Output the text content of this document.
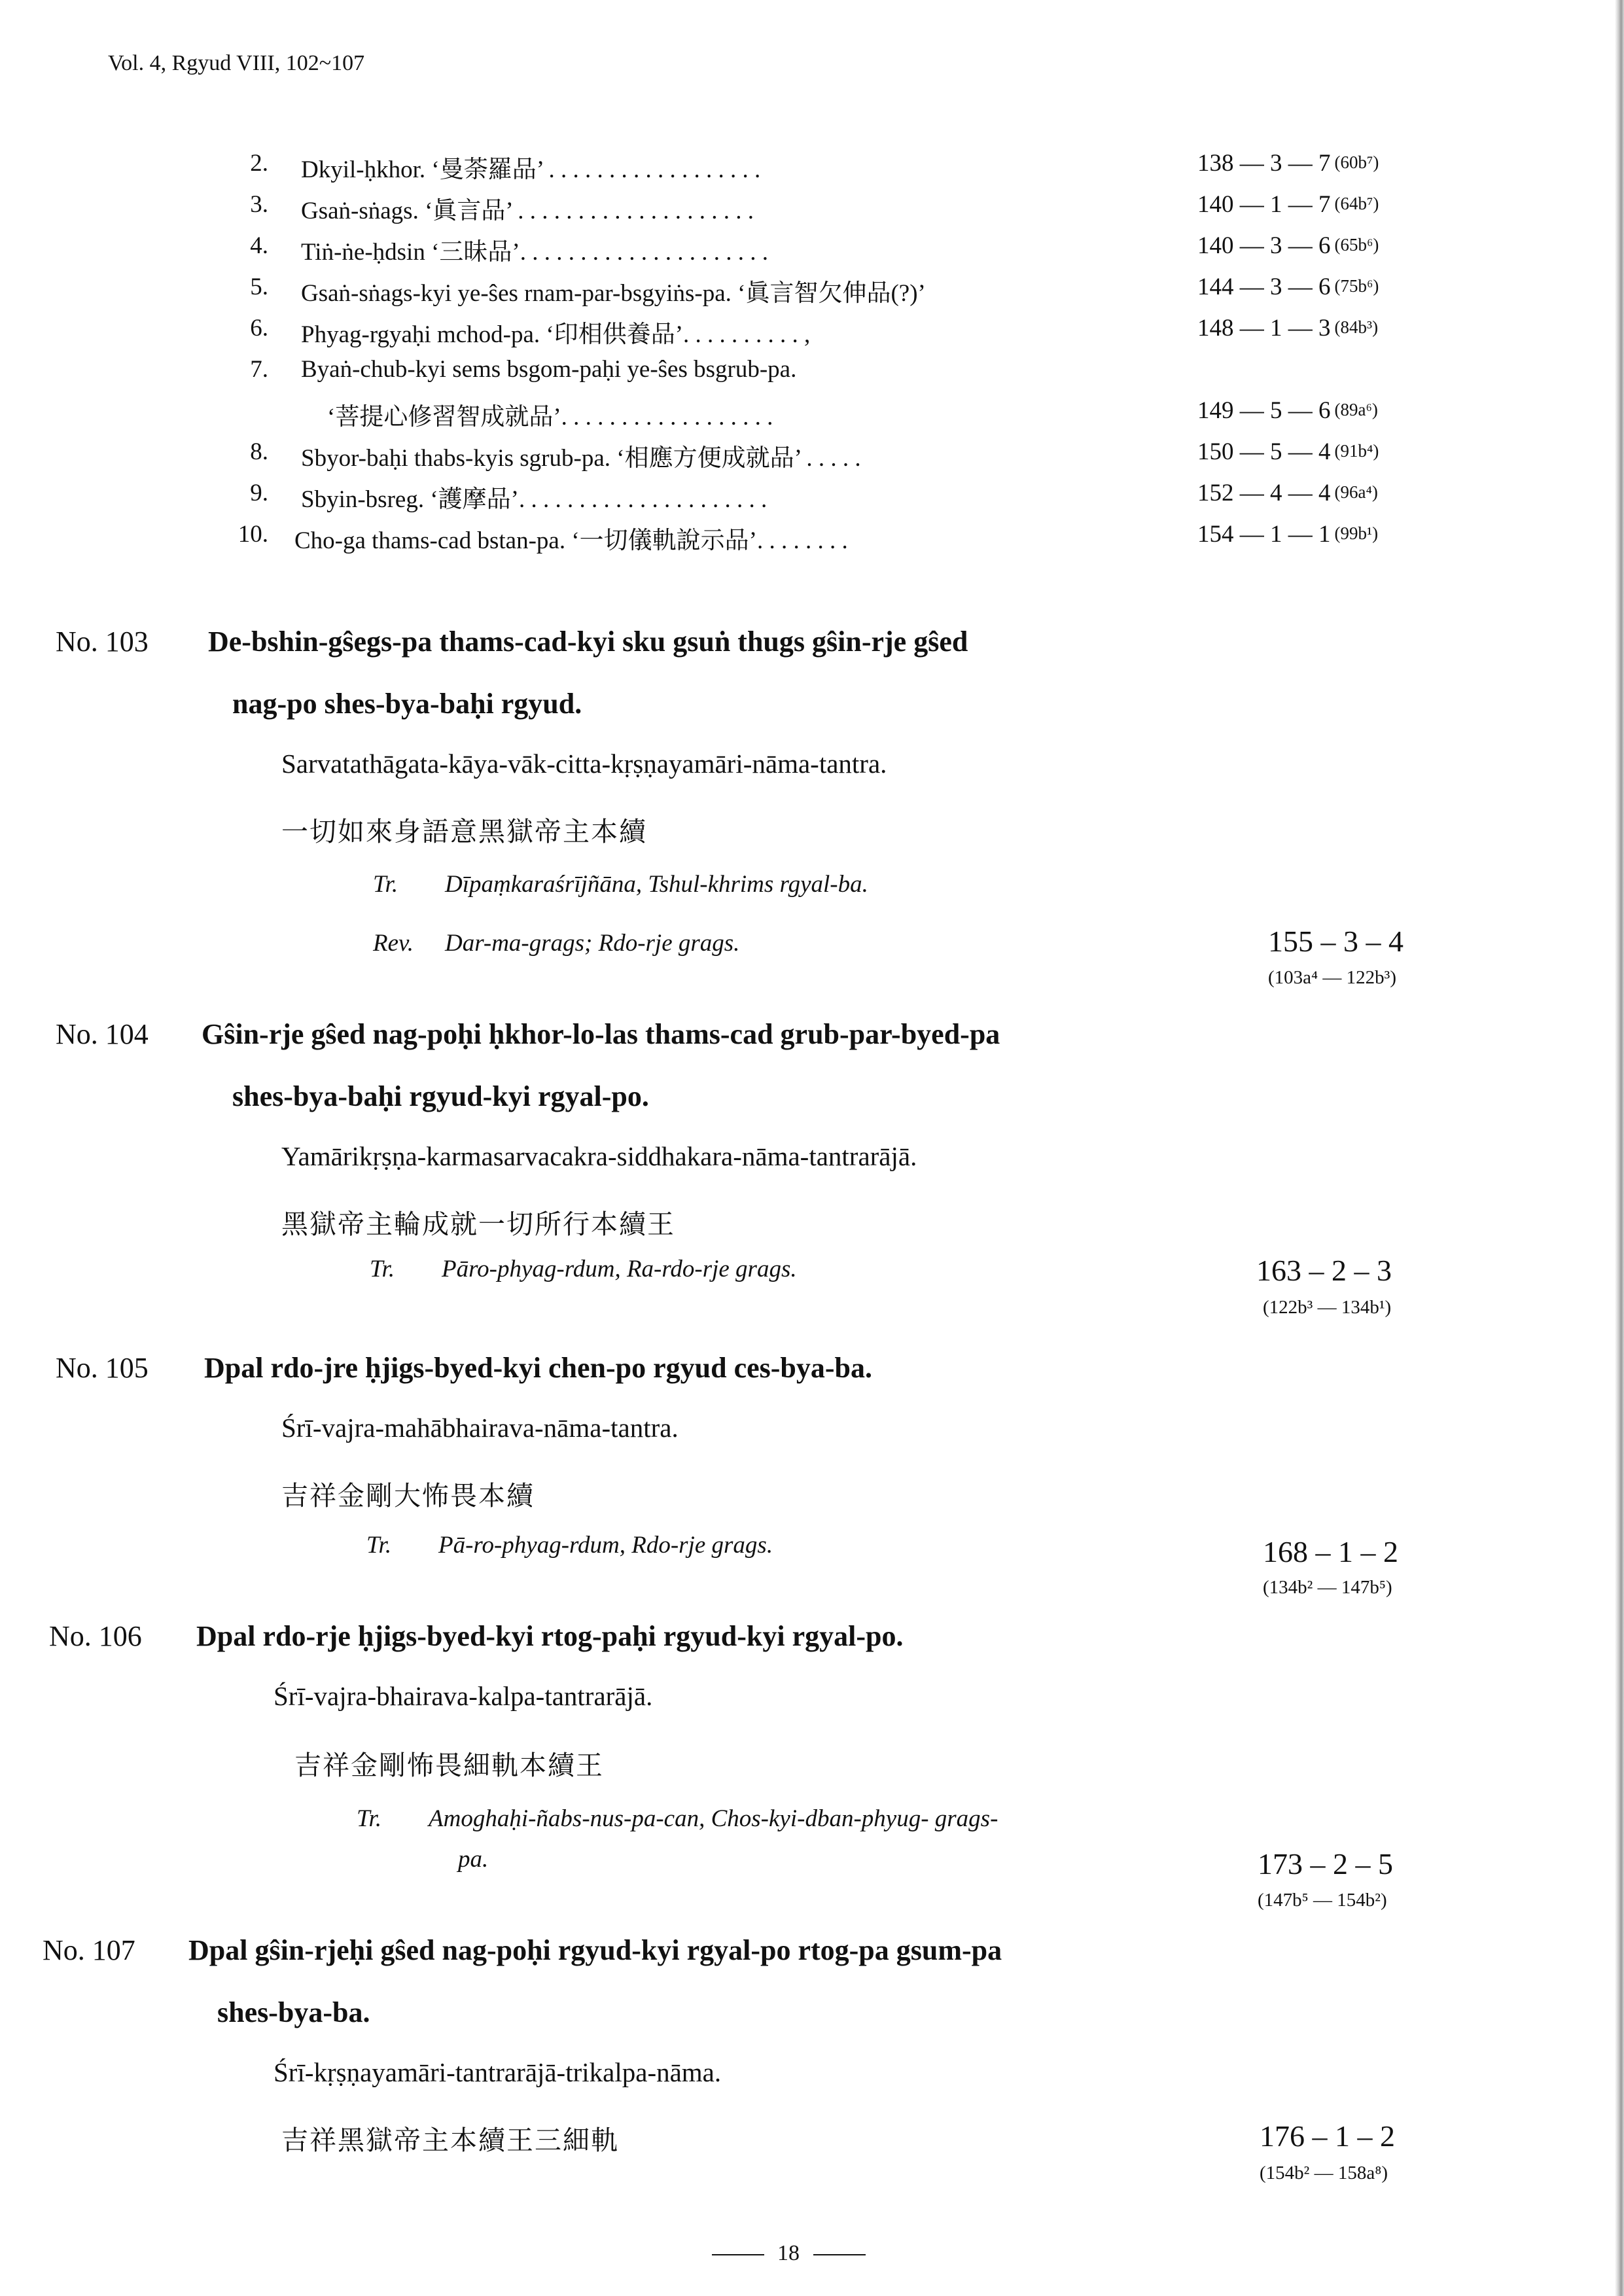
Vol. 4, Rgyud VIII, 102~107
2. Dkyil-ḥkhor. ‘曼荼羅品’ . . . . . . . . . . . . . . . . . .	138 — 3 — 7 (60b⁷)
3. Gsaṅ-sṅags. ‘眞言品’ . . . . . . . . . . . . . . . . . . . .	140 — 1 — 7 (64b⁷)
4. Tiṅ-ṅe-ḥdsin ‘三昧品’. . . . . . . . . . . . . . . . . . . . .	140 — 3 — 6 (65b⁶)
5. Gsaṅ-sṅags-kyi ye-ŝes rnam-par-bsgyiṅs-pa. ‘眞言智欠伸品(?)’	144 — 3 — 6 (75b⁶)
6. Phyag-rgyaḥi mchod-pa. ‘印相供養品’. . . . . . . . . . ,	148 — 1 — 3 (84b³)
7. Byaṅ-chub-kyi sems bsgom-paḥi ye-ŝes bsgrub-pa.
‘菩提心修習智成就品’. . . . . . . . . . . . . . . . . .	149 — 5 — 6 (89a⁶)
8. Sbyor-baḥi thabs-kyis sgrub-pa. ‘相應方便成就品’ . . . . .	150 — 5 — 4 (91b⁴)
9. Sbyin-bsreg. ‘護摩品’. . . . . . . . . . . . . . . . . . . . .	152 — 4 — 4 (96a⁴)
10. Cho-ga thams-cad bstan-pa. ‘一切儀軌說示品’. . . . . . . .	154 — 1 — 1 (99b¹)
No. 103 De-bshin-gŝegs-pa thams-cad-kyi sku gsuṅ thugs gŝin-rje gŝed
nag-po shes-bya-baḥi rgyud.
Sarvatathāgata-kāya-vāk-citta-kṛṣṇayamāri-nāma-tantra.
一切如來身語意黑獄帝主本續
Tr. Dīpaṃkaraśrījñāna, Tshul-khrims rgyal-ba.
Rev. Dar-ma-grags; Rdo-rje grags.	155 – 3 – 4
(103a⁴ — 122b³)
No. 104 Gŝin-rje gŝed nag-poḥi ḥkhor-lo-las thams-cad grub-par-byed-pa
shes-bya-baḥi rgyud-kyi rgyal-po.
Yamārikṛṣṇa-karmasarvacakra-siddhakara-nāma-tantrarājā.
黑獄帝主輪成就一切所行本續王
Tr. Pāro-phyag-rdum, Ra-rdo-rje grags.	163 – 2 – 3
(122b³ — 134b¹)
No. 105 Dpal rdo-jre ḥjigs-byed-kyi chen-po rgyud ces-bya-ba.
Śrī-vajra-mahābhairava-nāma-tantra.
吉祥金剛大怖畏本續
Tr. Pā-ro-phyag-rdum, Rdo-rje grags.	168 – 1 – 2
(134b² — 147b⁵)
No. 106 Dpal rdo-rje ḥjigs-byed-kyi rtog-paḥi rgyud-kyi rgyal-po.
Śrī-vajra-bhairava-kalpa-tantrarājā.
吉祥金剛怖畏細軌本續王
Tr. Amoghaḥi-ñabs-nus-pa-can, Chos-kyi-dban-phyug- grags-
pa.	173 – 2 – 5
(147b⁵ — 154b²)
No. 107 Dpal gŝin-rjeḥi gŝed nag-poḥi rgyud-kyi rgyal-po rtog-pa gsum-pa
shes-bya-ba.
Śrī-kṛṣṇayamāri-tantrarājā-trikalpa-nāma.
吉祥黑獄帝主本續王三細軌	176 – 1 – 2
(154b² — 158a⁸)
18
